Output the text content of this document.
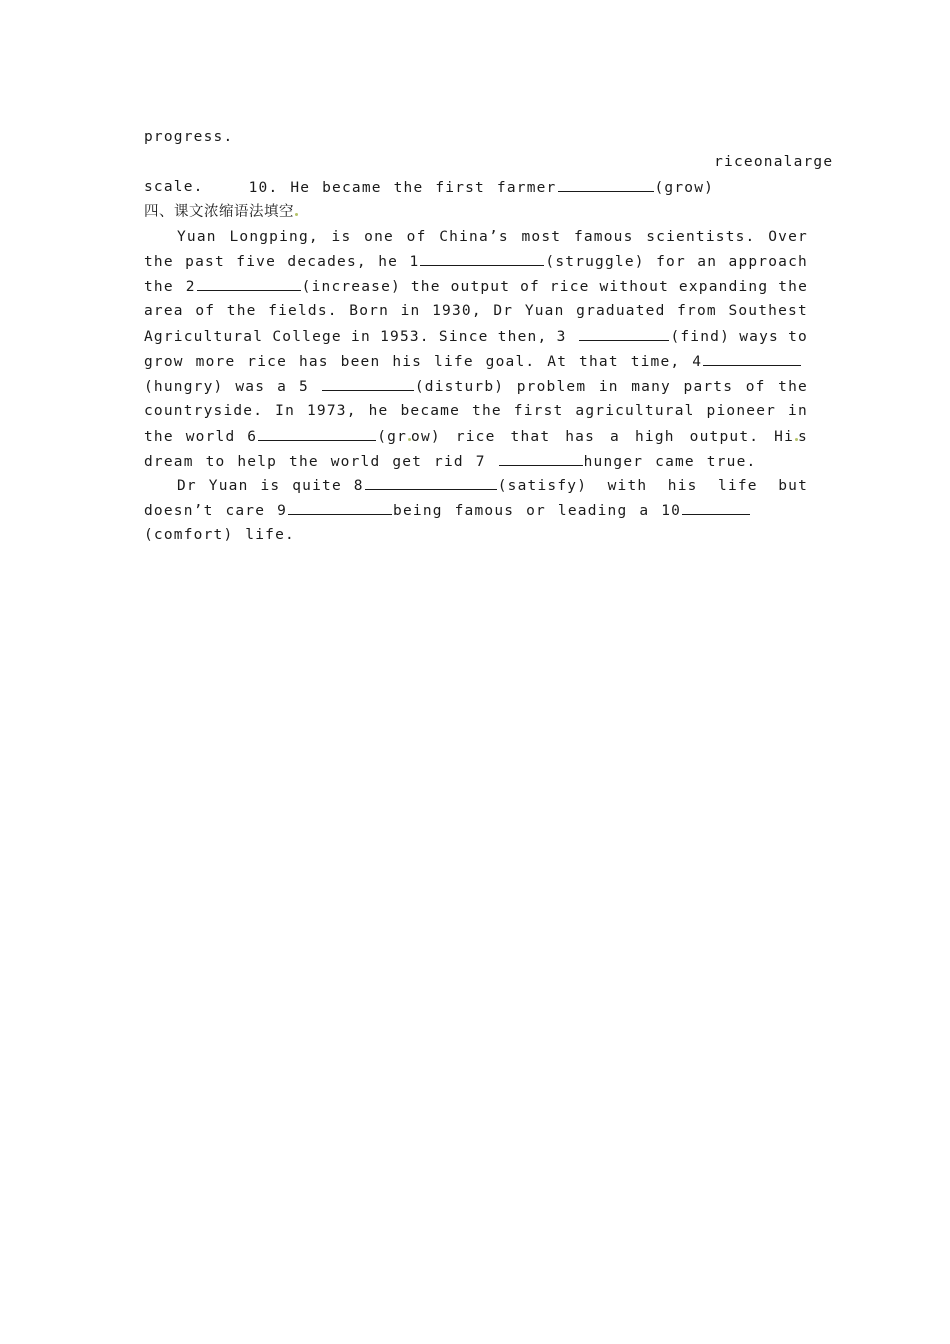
progress.

10. He became the first farmer	(grow)

rice on a large
scale.
四、课文浓缩语法填空
Yuan Longping, is one of China’s most famous scientists. Over
the past five decades, he 1	(struggle) for an approach
the 2	(increase) the output of rice without expanding the
area of the fields. Born in 1930, Dr Yuan graduated from Southest
Agricultural College in 1953. Since then, 3	(find) ways to
grow more rice has been his life goal. At that time, 4
(hungry) was a 5	(disturb) problem in many parts of the
countryside. In 1973, he became the first agricultural pioneer in
the world 6	(gr ow) rice that has a high output. Hi s
dream to help the world get rid 7
	hunger came true.
Dr Yuan is quite 8	(satisfy) with his life but
doesn’t care 9	being famous or leading a 10
(comfort) life.
